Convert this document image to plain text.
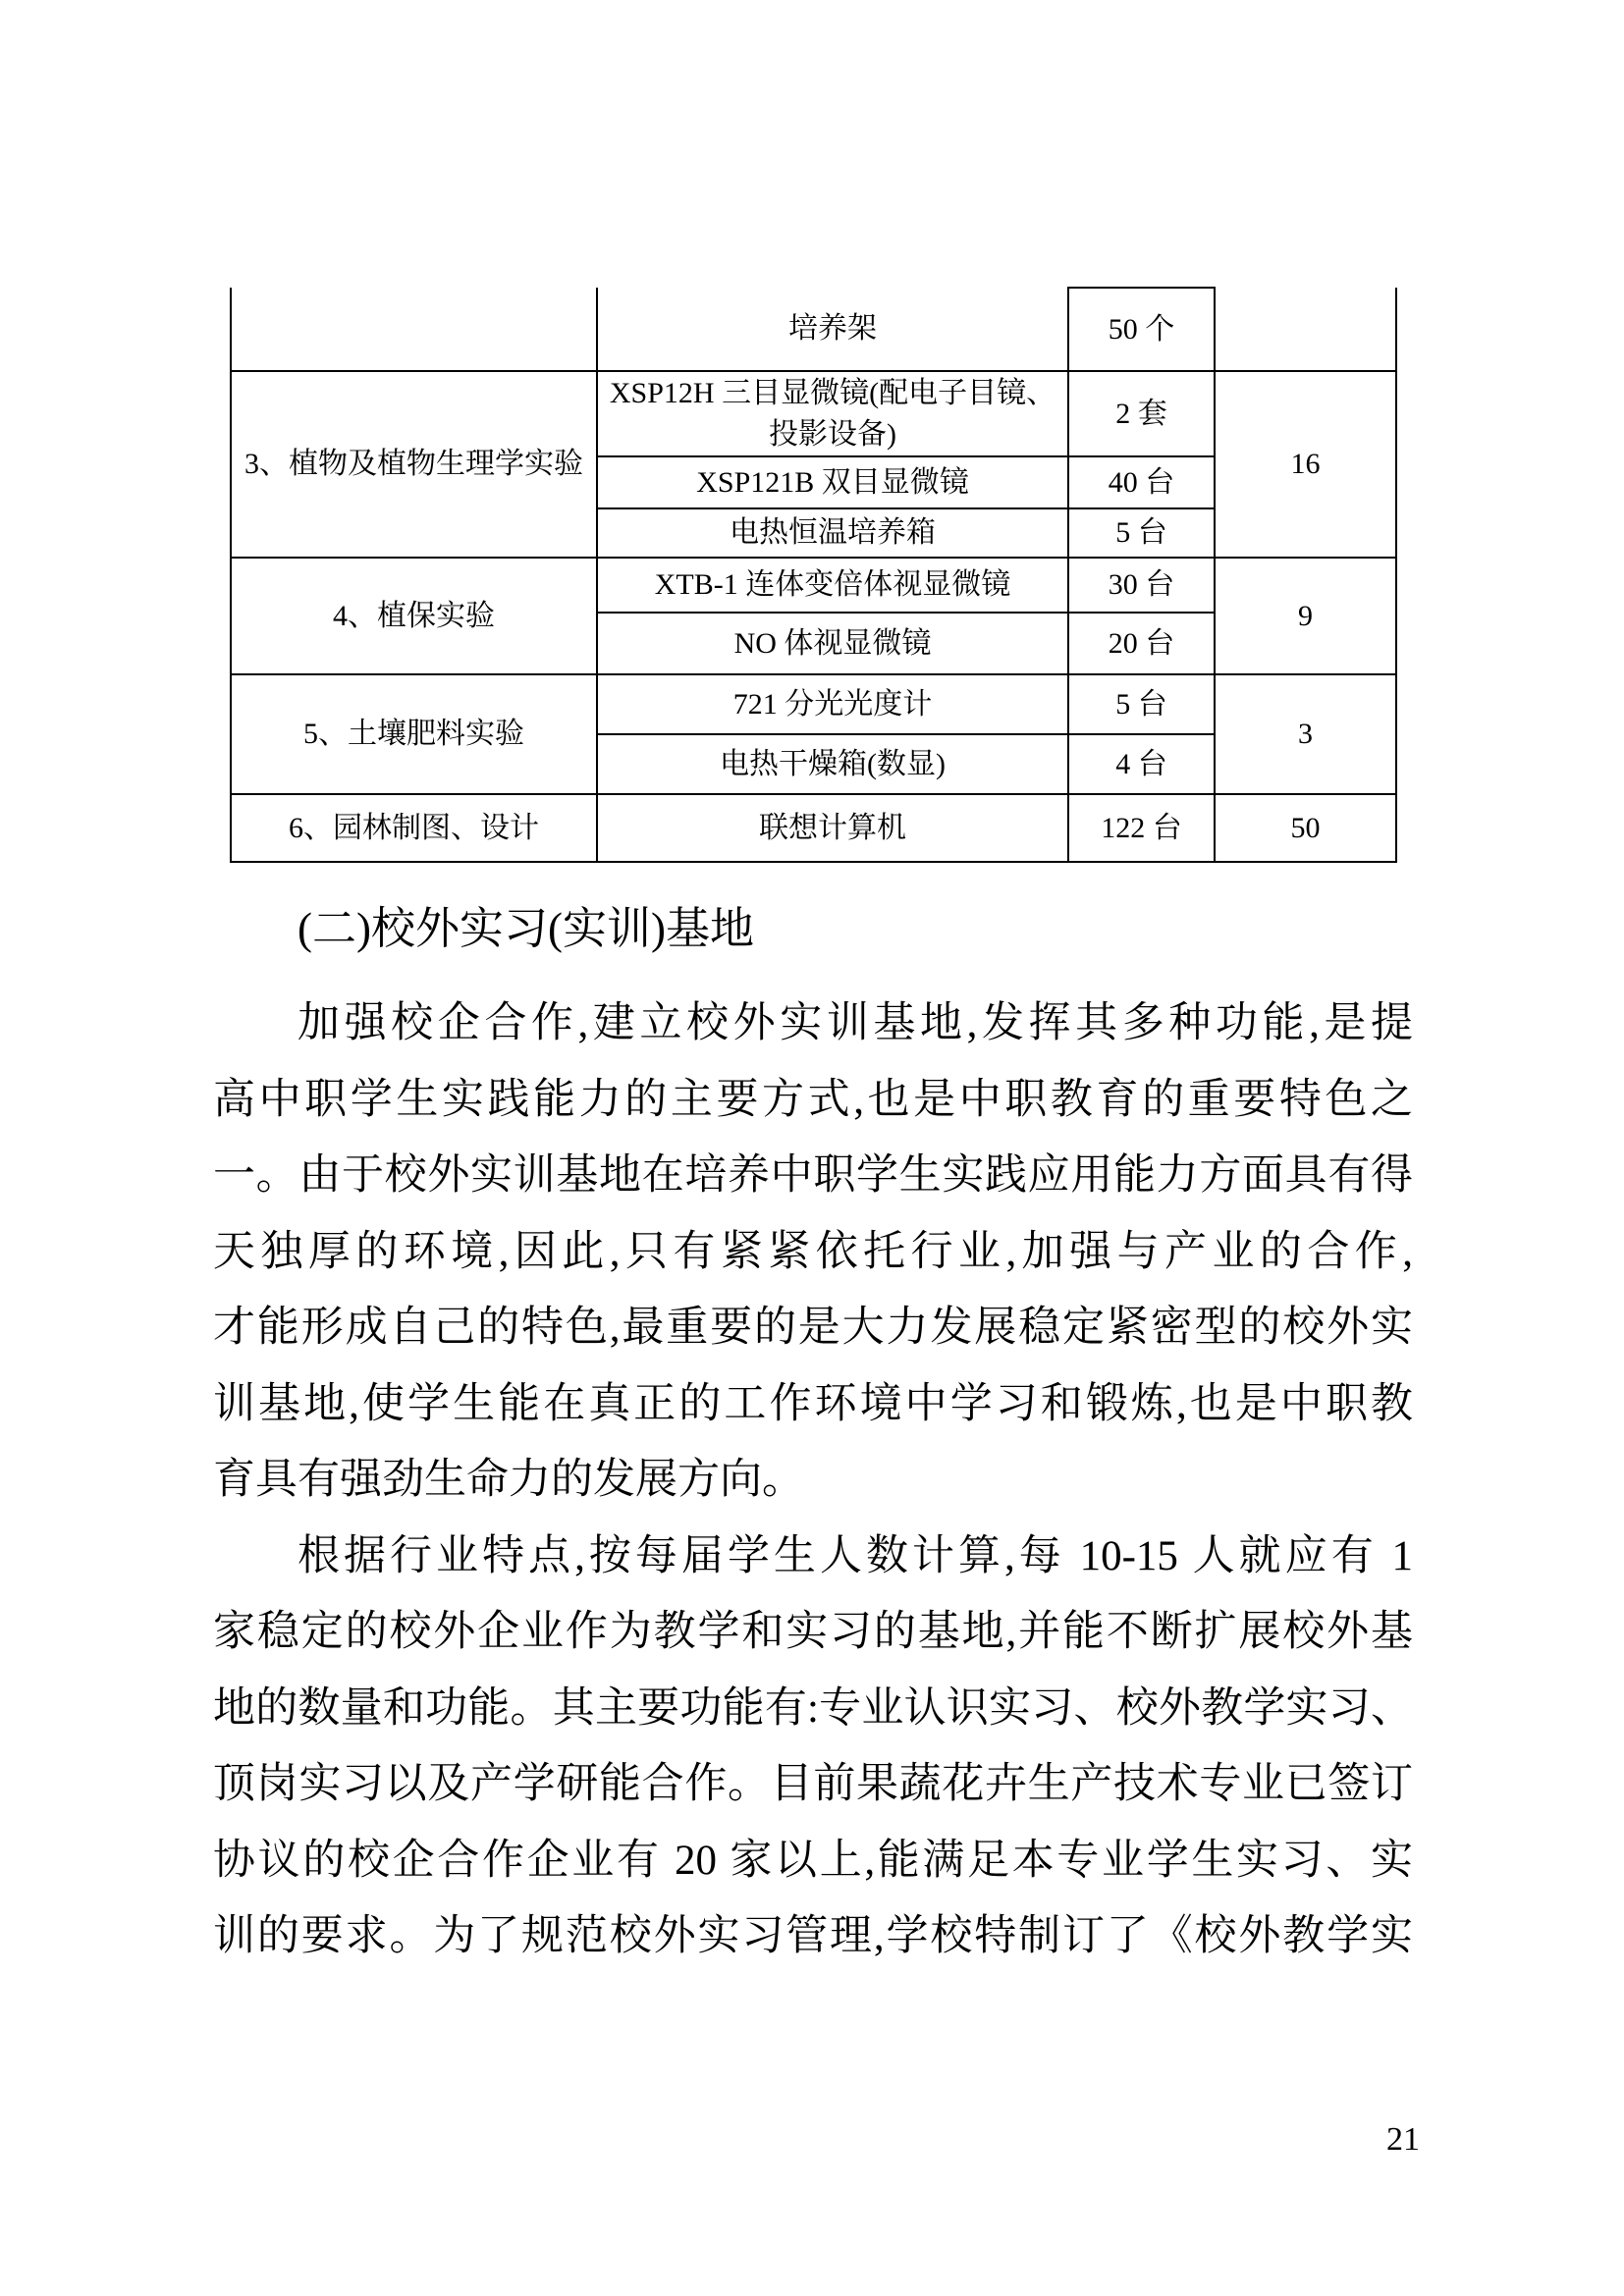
	培养架	50 个	
3、植物及植物生理学实验	XSP12H 三目显微镜(配电子目镜、投影设备)	2 套	16
	XSP121B 双目显微镜	40 台	
	电热恒温培养箱	5 台	
4、植保实验	XTB-1 连体变倍体视显微镜	30 台	9
	NO 体视显微镜	20 台	
5、土壤肥料实验	721 分光光度计	5 台	3
	电热干燥箱(数显)	4 台	
6、园林制图、设计	联想计算机	122 台	50
(二)校外实习(实训)基地
加强校企合作,建立校外实训基地,发挥其多种功能,是提
高中职学生实践能力的主要方式,也是中职教育的重要特色之
一。由于校外实训基地在培养中职学生实践应用能力方面具有得
天独厚的环境,因此,只有紧紧依托行业,加强与产业的合作,
才能形成自己的特色,最重要的是大力发展稳定紧密型的校外实
训基地,使学生能在真正的工作环境中学习和锻炼,也是中职教
育具有强劲生命力的发展方向。
根据行业特点,按每届学生人数计算,每 10-15 人就应有 1
家稳定的校外企业作为教学和实习的基地,并能不断扩展校外基
地的数量和功能。其主要功能有:专业认识实习、校外教学实习、
顶岗实习以及产学研能合作。目前果蔬花卉生产技术专业已签订
协议的校企合作企业有 20 家以上,能满足本专业学生实习、实
训的要求。为了规范校外实习管理,学校特制订了《校外教学实
21
